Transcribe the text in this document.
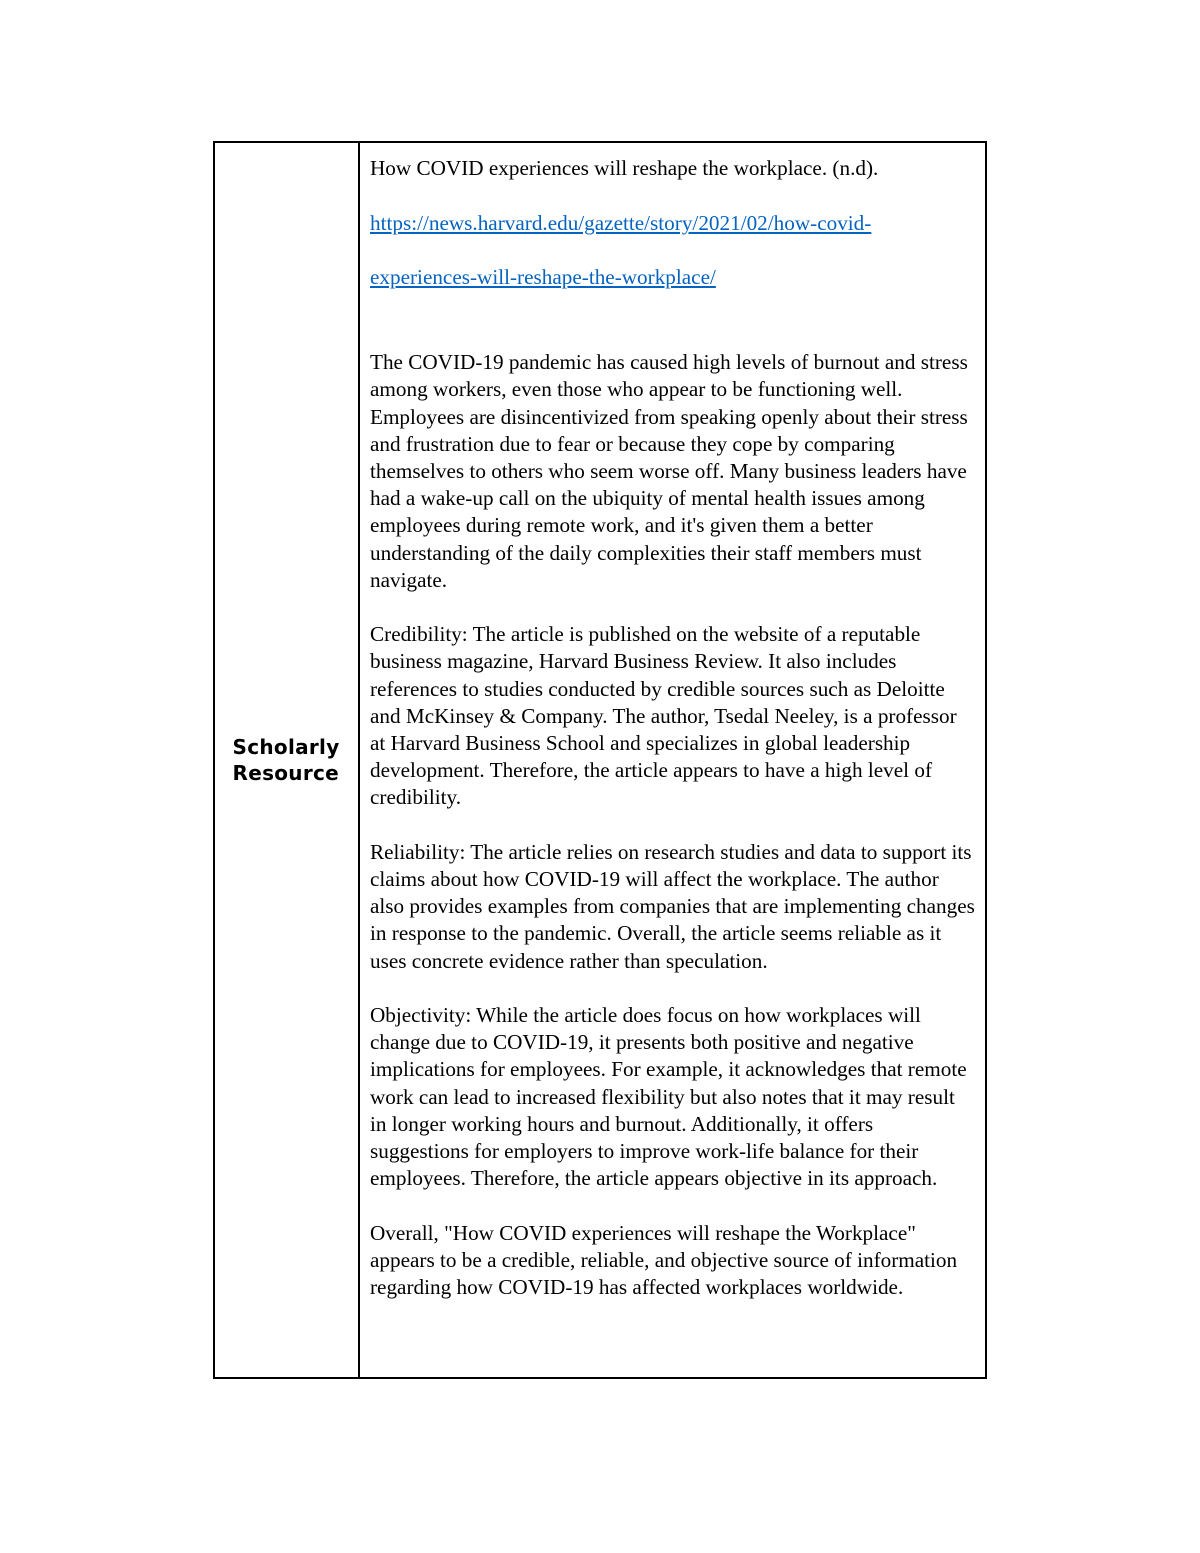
Scholarly
Resource

How COVID experiences will reshape the workplace. (n.d).

https://news.harvard.edu/gazette/story/2021/02/how-covid-
experiences-will-reshape-the-workplace/

The COVID-19 pandemic has caused high levels of burnout and stress among workers, even those who appear to be functioning well. Employees are disincentivized from speaking openly about their stress and frustration due to fear or because they cope by comparing themselves to others who seem worse off. Many business leaders have had a wake-up call on the ubiquity of mental health issues among employees during remote work, and it's given them a better understanding of the daily complexities their staff members must navigate.

Credibility: The article is published on the website of a reputable business magazine, Harvard Business Review. It also includes references to studies conducted by credible sources such as Deloitte and McKinsey & Company. The author, Tsedal Neeley, is a professor at Harvard Business School and specializes in global leadership development. Therefore, the article appears to have a high level of credibility.

Reliability: The article relies on research studies and data to support its claims about how COVID-19 will affect the workplace. The author also provides examples from companies that are implementing changes in response to the pandemic. Overall, the article seems reliable as it uses concrete evidence rather than speculation.

Objectivity: While the article does focus on how workplaces will change due to COVID-19, it presents both positive and negative implications for employees. For example, it acknowledges that remote work can lead to increased flexibility but also notes that it may result in longer working hours and burnout. Additionally, it offers suggestions for employers to improve work-life balance for their employees. Therefore, the article appears objective in its approach.

Overall, "How COVID experiences will reshape the Workplace" appears to be a credible, reliable, and objective source of information regarding how COVID-19 has affected workplaces worldwide.
